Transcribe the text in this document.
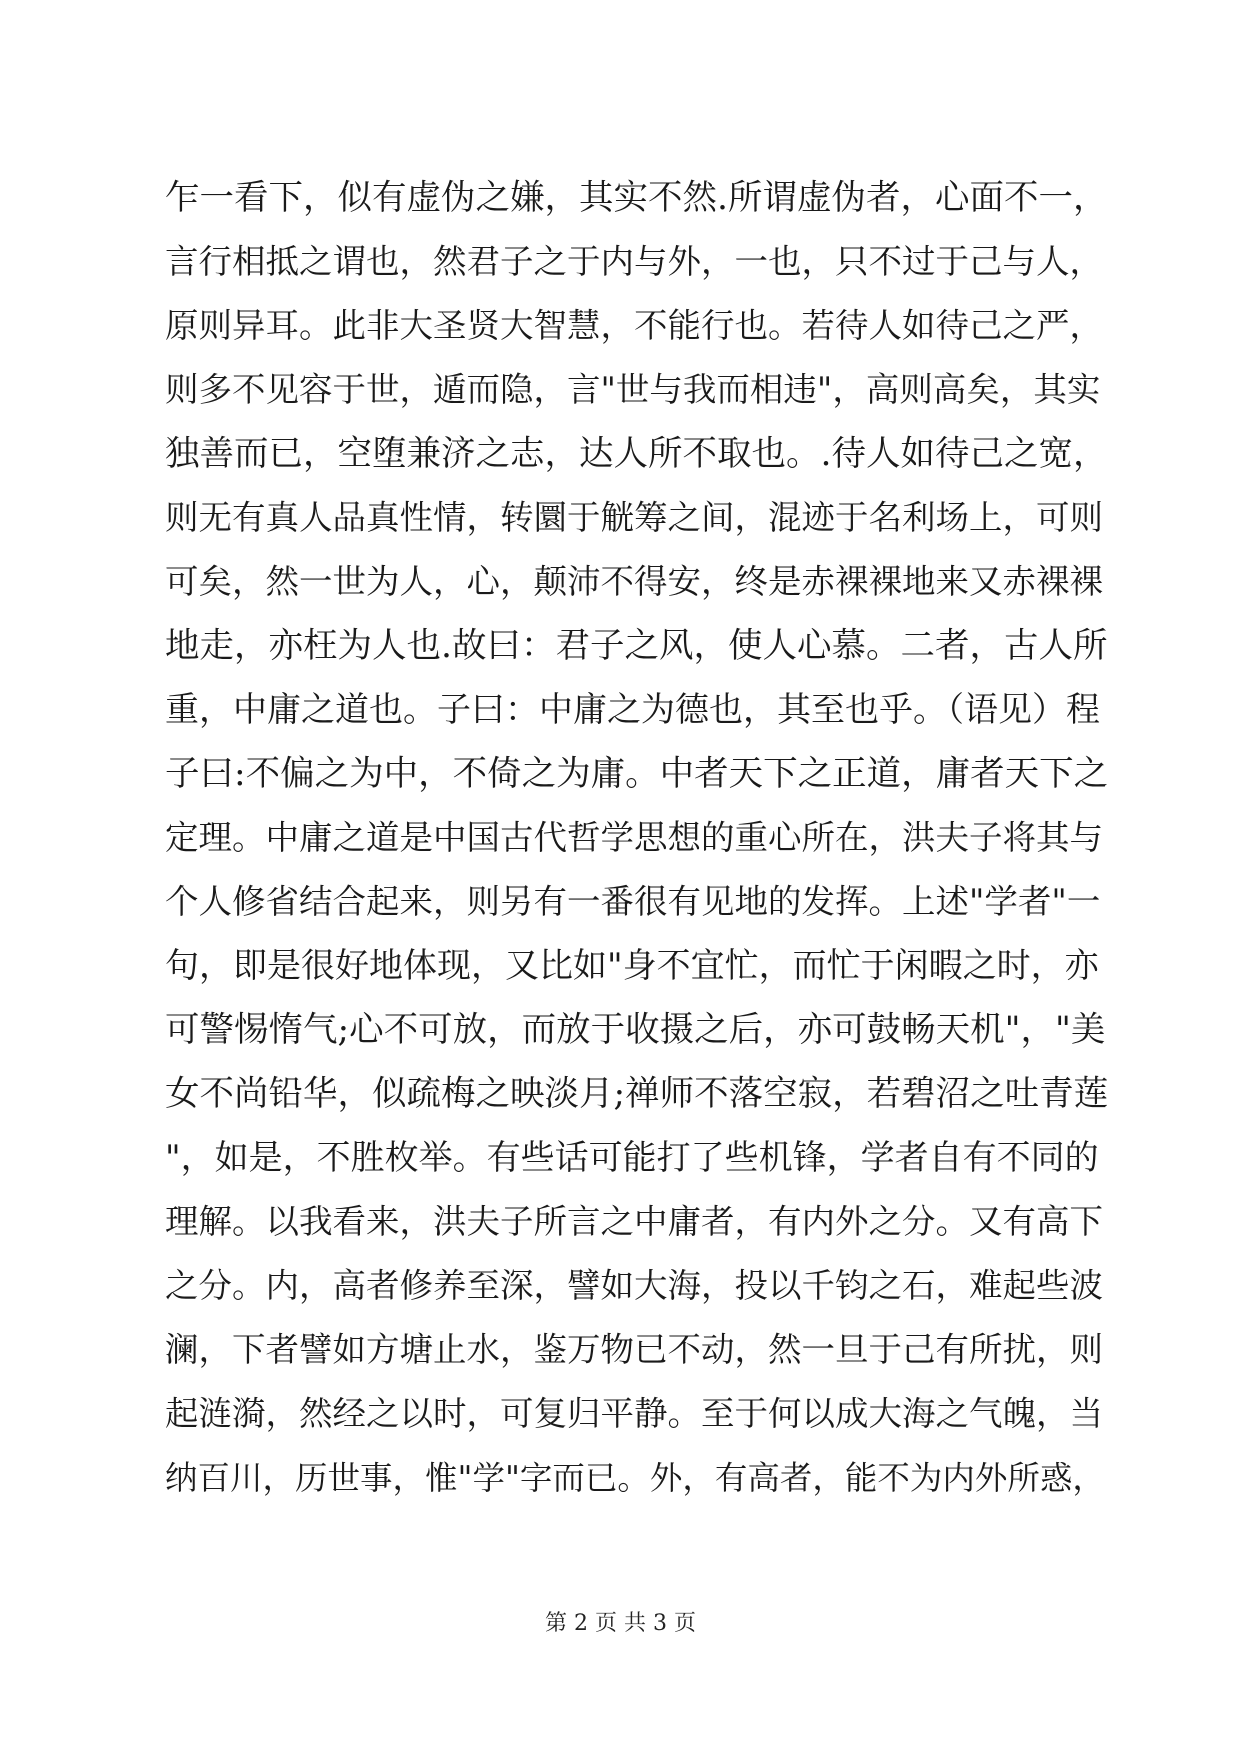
乍一看下，似有虚伪之嫌，其实不然.所谓虚伪者，心面不一，
言行相抵之谓也，然君子之于内与外，一也，只不过于己与人，
原则异耳。此非大圣贤大智慧，不能行也。若待人如待己之严，
则多不见容于世，遁而隐，言"世与我而相违"，高则高矣，其实
独善而已，空堕兼济之志，达人所不取也。.待人如待己之宽，
则无有真人品真性情，转圜于觥筹之间，混迹于名利场上，可则
可矣，然一世为人，心，颠沛不得安，终是赤裸裸地来又赤裸裸
地走，亦枉为人也.故曰：君子之风，使人心慕。二者，古人所
重，中庸之道也。子曰：中庸之为德也，其至也乎。（语见）程
子曰:不偏之为中，不倚之为庸。中者天下之正道，庸者天下之
定理。中庸之道是中国古代哲学思想的重心所在，洪夫子将其与
个人修省结合起来，则另有一番很有见地的发挥。上述"学者"一
句，即是很好地体现，又比如"身不宜忙，而忙于闲暇之时，亦
可警惕惰气;心不可放，而放于收摄之后，亦可鼓畅天机"，"美
女不尚铅华，似疏梅之映淡月;禅师不落空寂，若碧沼之吐青莲
"，如是，不胜枚举。有些话可能打了些机锋，学者自有不同的
理解。以我看来，洪夫子所言之中庸者，有内外之分。又有高下
之分。内，高者修养至深，譬如大海，投以千钧之石，难起些波
澜，下者譬如方塘止水，鉴万物已不动，然一旦于己有所扰，则
起涟漪，然经之以时，可复归平静。至于何以成大海之气魄，当
纳百川，历世事，惟"学"字而已。外，有高者，能不为内外所惑，
第 2 页 共 3 页
